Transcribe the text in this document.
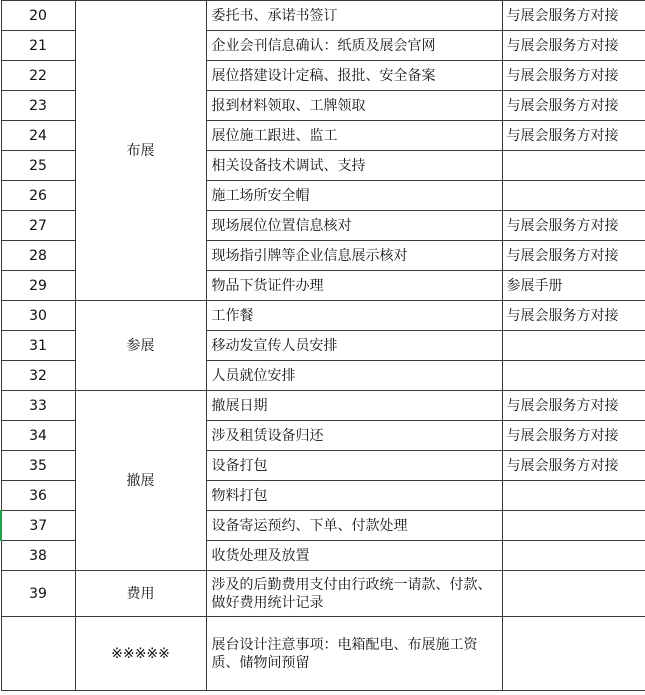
20	布展	委托书、承诺书签订	与展会服务方对接
21		企业会刊信息确认：纸质及展会官网	与展会服务方对接
22		展位搭建设计定稿、报批、安全备案	与展会服务方对接
23		报到材料领取、工牌领取	与展会服务方对接
24		展位施工跟进、监工	与展会服务方对接
25		相关设备技术调试、支持	
26		施工场所安全帽	
27		现场展位位置信息核对	与展会服务方对接
28		现场指引牌等企业信息展示核对	与展会服务方对接
29		物品下货证件办理	参展手册
30	参展	工作餐	与展会服务方对接
31		移动发宣传人员安排	
32		人员就位安排	
33	撤展	撤展日期	与展会服务方对接
34		涉及租赁设备归还	与展会服务方对接
35		设备打包	与展会服务方对接
36		物料打包	
37		设备寄运预约、下单、付款处理	
38		收货处理及放置	
39	费用	涉及的后勤费用支付由行政统一请款、付款、做好费用统计记录	
	※※※※※	展台设计注意事项：电箱配电、布展施工资质、储物间预留	
